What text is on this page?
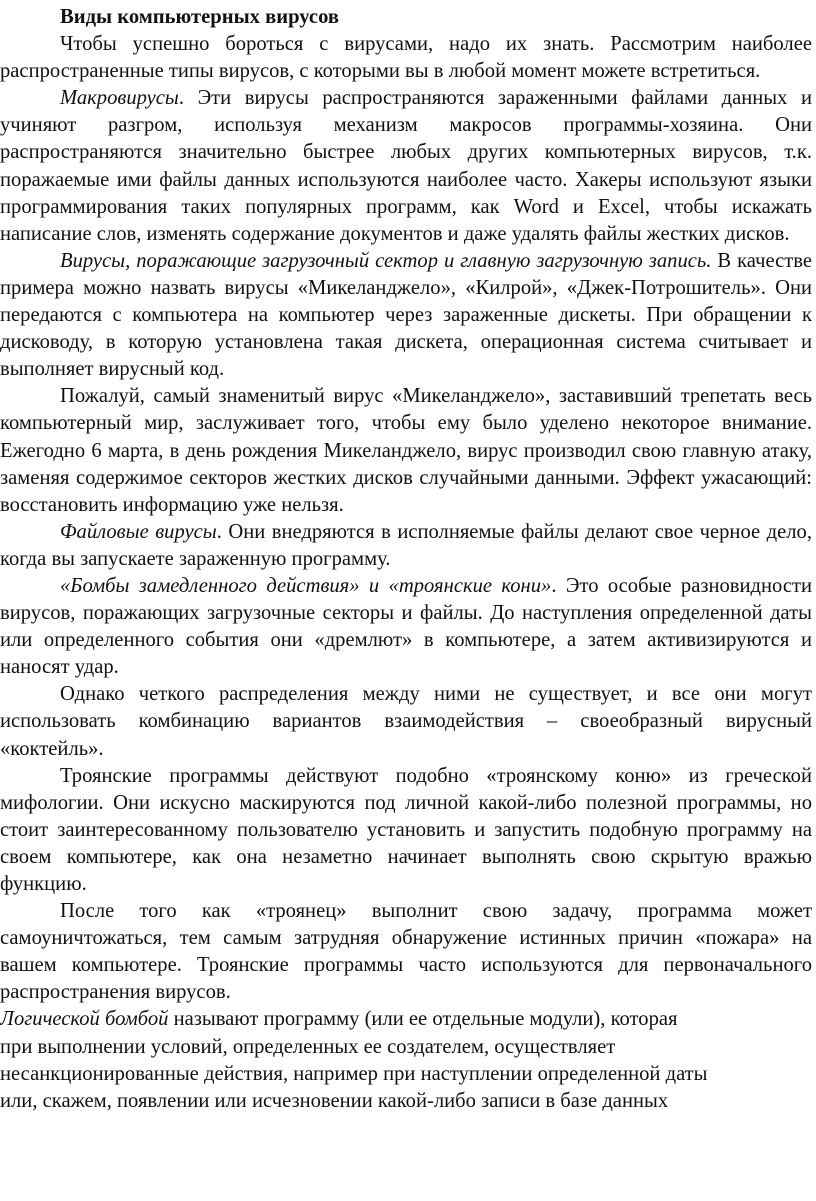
Виды компьютерных вирусов

Чтобы успешно бороться с вирусами, надо их знать. Рассмотрим наиболее распространенные типы вирусов, с которыми вы в любой момент можете встретиться.

Макровирусы. Эти вирусы распространяются зараженными файлами данных и учиняют разгром, используя механизм макросов программы-хозяина. Они распространяются значительно быстрее любых других компьютерных вирусов, т.к. поражаемые ими файлы данных используются наиболее часто. Хакеры используют языки программирования таких популярных программ, как Word и Excel, чтобы искажать написание слов, изменять содержание документов и даже удалять файлы жестких дисков.

Вирусы, поражающие загрузочный сектор и главную загрузочную запись. В качестве примера можно назвать вирусы «Микеланджело», «Килрой», «Джек-Потрошитель». Они передаются с компьютера на компьютер через зараженные дискеты. При обращении к дисководу, в которую установлена такая дискета, операционная система считывает и выполняет вирусный код.

Пожалуй, самый знаменитый вирус «Микеланджело», заставивший трепетать весь компьютерный мир, заслуживает того, чтобы ему было уделено некоторое внимание. Ежегодно 6 марта, в день рождения Микеланджело, вирус производил свою главную атаку, заменяя содержимое секторов жестких дисков случайными данными. Эффект ужасающий: восстановить информацию уже нельзя.

Файловые вирусы. Они внедряются в исполняемые файлы делают свое черное дело, когда вы запускаете зараженную программу.

«Бомбы замедленного действия» и «троянские кони». Это особые разновидности вирусов, поражающих загрузочные секторы и файлы. До наступления определенной даты или определенного события они «дремлют» в компьютере, а затем активизируются и наносят удар.

Однако четкого распределения между ними не существует, и все они могут использовать комбинацию вариантов взаимодействия – своеобразный вирусный «коктейль».

Троянские программы действуют подобно «троянскому коню» из греческой мифологии. Они искусно маскируются под личной какой-либо полезной программы, но стоит заинтересованному пользователю установить и запустить подобную программу на своем компьютере, как она незаметно начинает выполнять свою скрытую вражью функцию.

После того как «троянец» выполнит свою задачу, программа может самоуничтожаться, тем самым затрудняя обнаружение истинных причин «пожара» на вашем компьютере. Троянские программы часто используются для первоначального распространения вирусов.

Логической бомбой называют программу (или ее отдельные модули), которая
при выполнении условий, определенных ее создателем, осуществляет
несанкционированные действия, например при наступлении определенной даты
или, скажем, появлении или исчезновении какой-либо записи в базе данных
